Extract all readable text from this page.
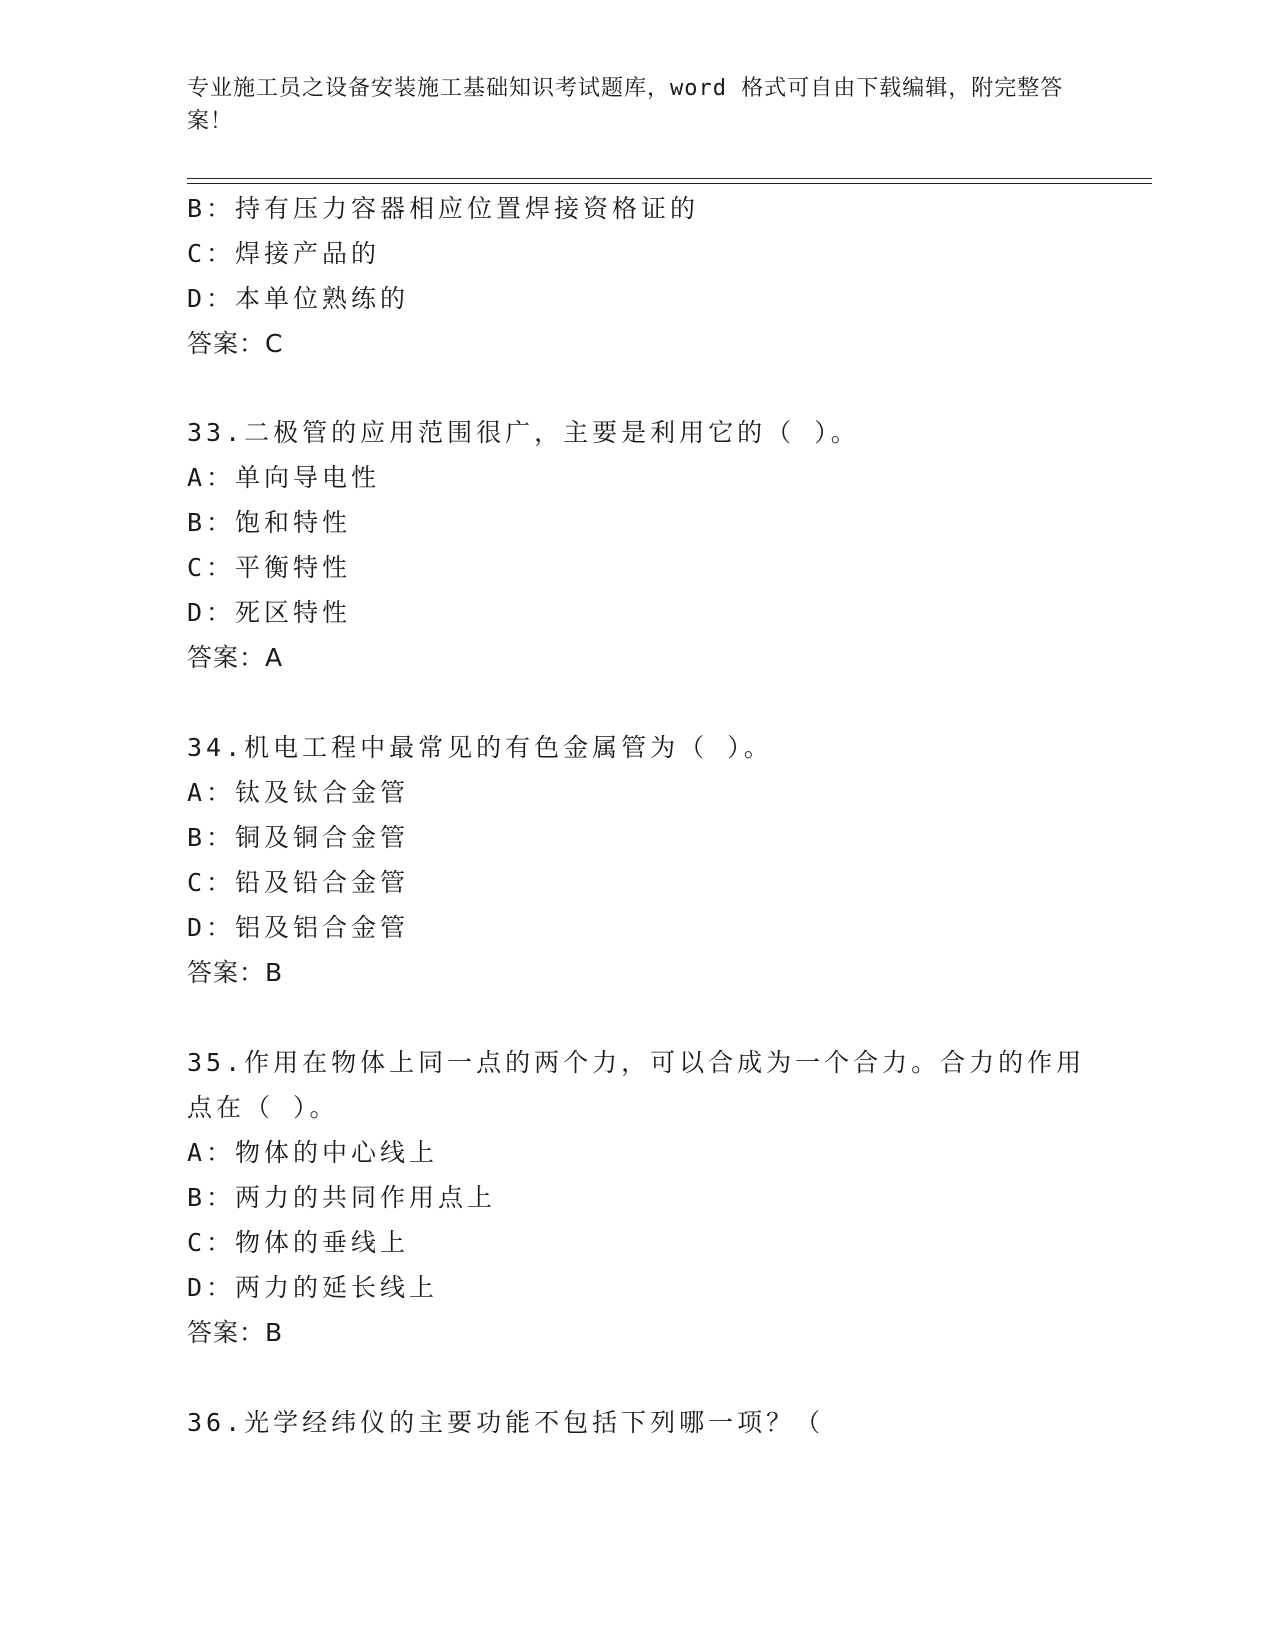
专业施工员之设备安装施工基础知识考试题库，word 格式可自由下载编辑，附完整答案！
B：持有压力容器相应位置焊接资格证的
C：焊接产品的
D：本单位熟练的
答案：C
33.二极管的应用范围很广，主要是利用它的（ ）。
A：单向导电性
B：饱和特性
C：平衡特性
D：死区特性
答案：A
34.机电工程中最常见的有色金属管为（ ）。
A：钛及钛合金管
B：铜及铜合金管
C：铅及铅合金管
D：铝及铝合金管
答案：B
35.作用在物体上同一点的两个力，可以合成为一个合力。合力的作用
点在（ ）。
A：物体的中心线上
B：两力的共同作用点上
C：物体的垂线上
D：两力的延长线上
答案：B
36.光学经纬仪的主要功能不包括下列哪一项？（
